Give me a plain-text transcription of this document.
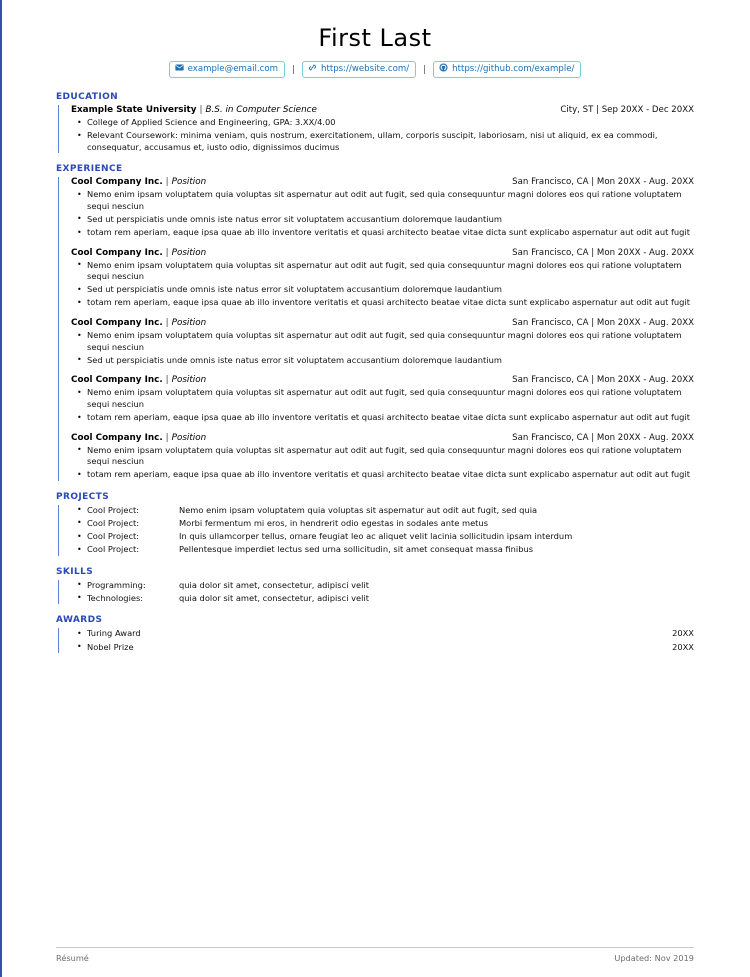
First Last
example@email.com	|	https://website.com/	|	https://github.com/example/
EDUCATION
Example State University | B.S. in Computer Science	City, ST | Sep 20XX - Dec 20XX
• College of Applied Science and Engineering, GPA: 3.XX/4.00
• Relevant Coursework: minima veniam, quis nostrum, exercitationem, ullam, corporis suscipit, laboriosam, nisi ut aliquid, ex ea commodi, consequatur, accusamus et, iusto odio, dignissimos ducimus
EXPERIENCE
Cool Company Inc. | Position	San Francisco, CA | Mon 20XX - Aug. 20XX
• Nemo enim ipsam voluptatem quia voluptas sit aspernatur aut odit aut fugit, sed quia consequuntur magni dolores eos qui ratione voluptatem sequi nesciun
• Sed ut perspiciatis unde omnis iste natus error sit voluptatem accusantium doloremque laudantium
• totam rem aperiam, eaque ipsa quae ab illo inventore veritatis et quasi architecto beatae vitae dicta sunt explicabo aspernatur aut odit aut fugit
Cool Company Inc. | Position	San Francisco, CA | Mon 20XX - Aug. 20XX
• Nemo enim ipsam voluptatem quia voluptas sit aspernatur aut odit aut fugit, sed quia consequuntur magni dolores eos qui ratione voluptatem sequi nesciun
• Sed ut perspiciatis unde omnis iste natus error sit voluptatem accusantium doloremque laudantium
• totam rem aperiam, eaque ipsa quae ab illo inventore veritatis et quasi architecto beatae vitae dicta sunt explicabo aspernatur aut odit aut fugit
Cool Company Inc. | Position	San Francisco, CA | Mon 20XX - Aug. 20XX
• Nemo enim ipsam voluptatem quia voluptas sit aspernatur aut odit aut fugit, sed quia consequuntur magni dolores eos qui ratione voluptatem sequi nesciun
• Sed ut perspiciatis unde omnis iste natus error sit voluptatem accusantium doloremque laudantium
Cool Company Inc. | Position	San Francisco, CA | Mon 20XX - Aug. 20XX
• Nemo enim ipsam voluptatem quia voluptas sit aspernatur aut odit aut fugit, sed quia consequuntur magni dolores eos qui ratione voluptatem sequi nesciun
• totam rem aperiam, eaque ipsa quae ab illo inventore veritatis et quasi architecto beatae vitae dicta sunt explicabo aspernatur aut odit aut fugit
Cool Company Inc. | Position	San Francisco, CA | Mon 20XX - Aug. 20XX
• Nemo enim ipsam voluptatem quia voluptas sit aspernatur aut odit aut fugit, sed quia consequuntur magni dolores eos qui ratione voluptatem sequi nesciun
• totam rem aperiam, eaque ipsa quae ab illo inventore veritatis et quasi architecto beatae vitae dicta sunt explicabo aspernatur aut odit aut fugit
PROJECTS
• Cool Project:	Nemo enim ipsam voluptatem quia voluptas sit aspernatur aut odit aut fugit, sed quia
• Cool Project:	Morbi fermentum mi eros, in hendrerit odio egestas in sodales ante metus
• Cool Project:	In quis ullamcorper tellus, ornare feugiat leo ac aliquet velit lacinia sollicitudin ipsam interdum
• Cool Project:	Pellentesque imperdiet lectus sed urna sollicitudin, sit amet consequat massa finibus
SKILLS
• Programming:	quia dolor sit amet, consectetur, adipisci velit
• Technologies:	quia dolor sit amet, consectetur, adipisci velit
AWARDS
• Turing Award	20XX
• Nobel Prize	20XX
Résumé	Updated: Nov 2019
